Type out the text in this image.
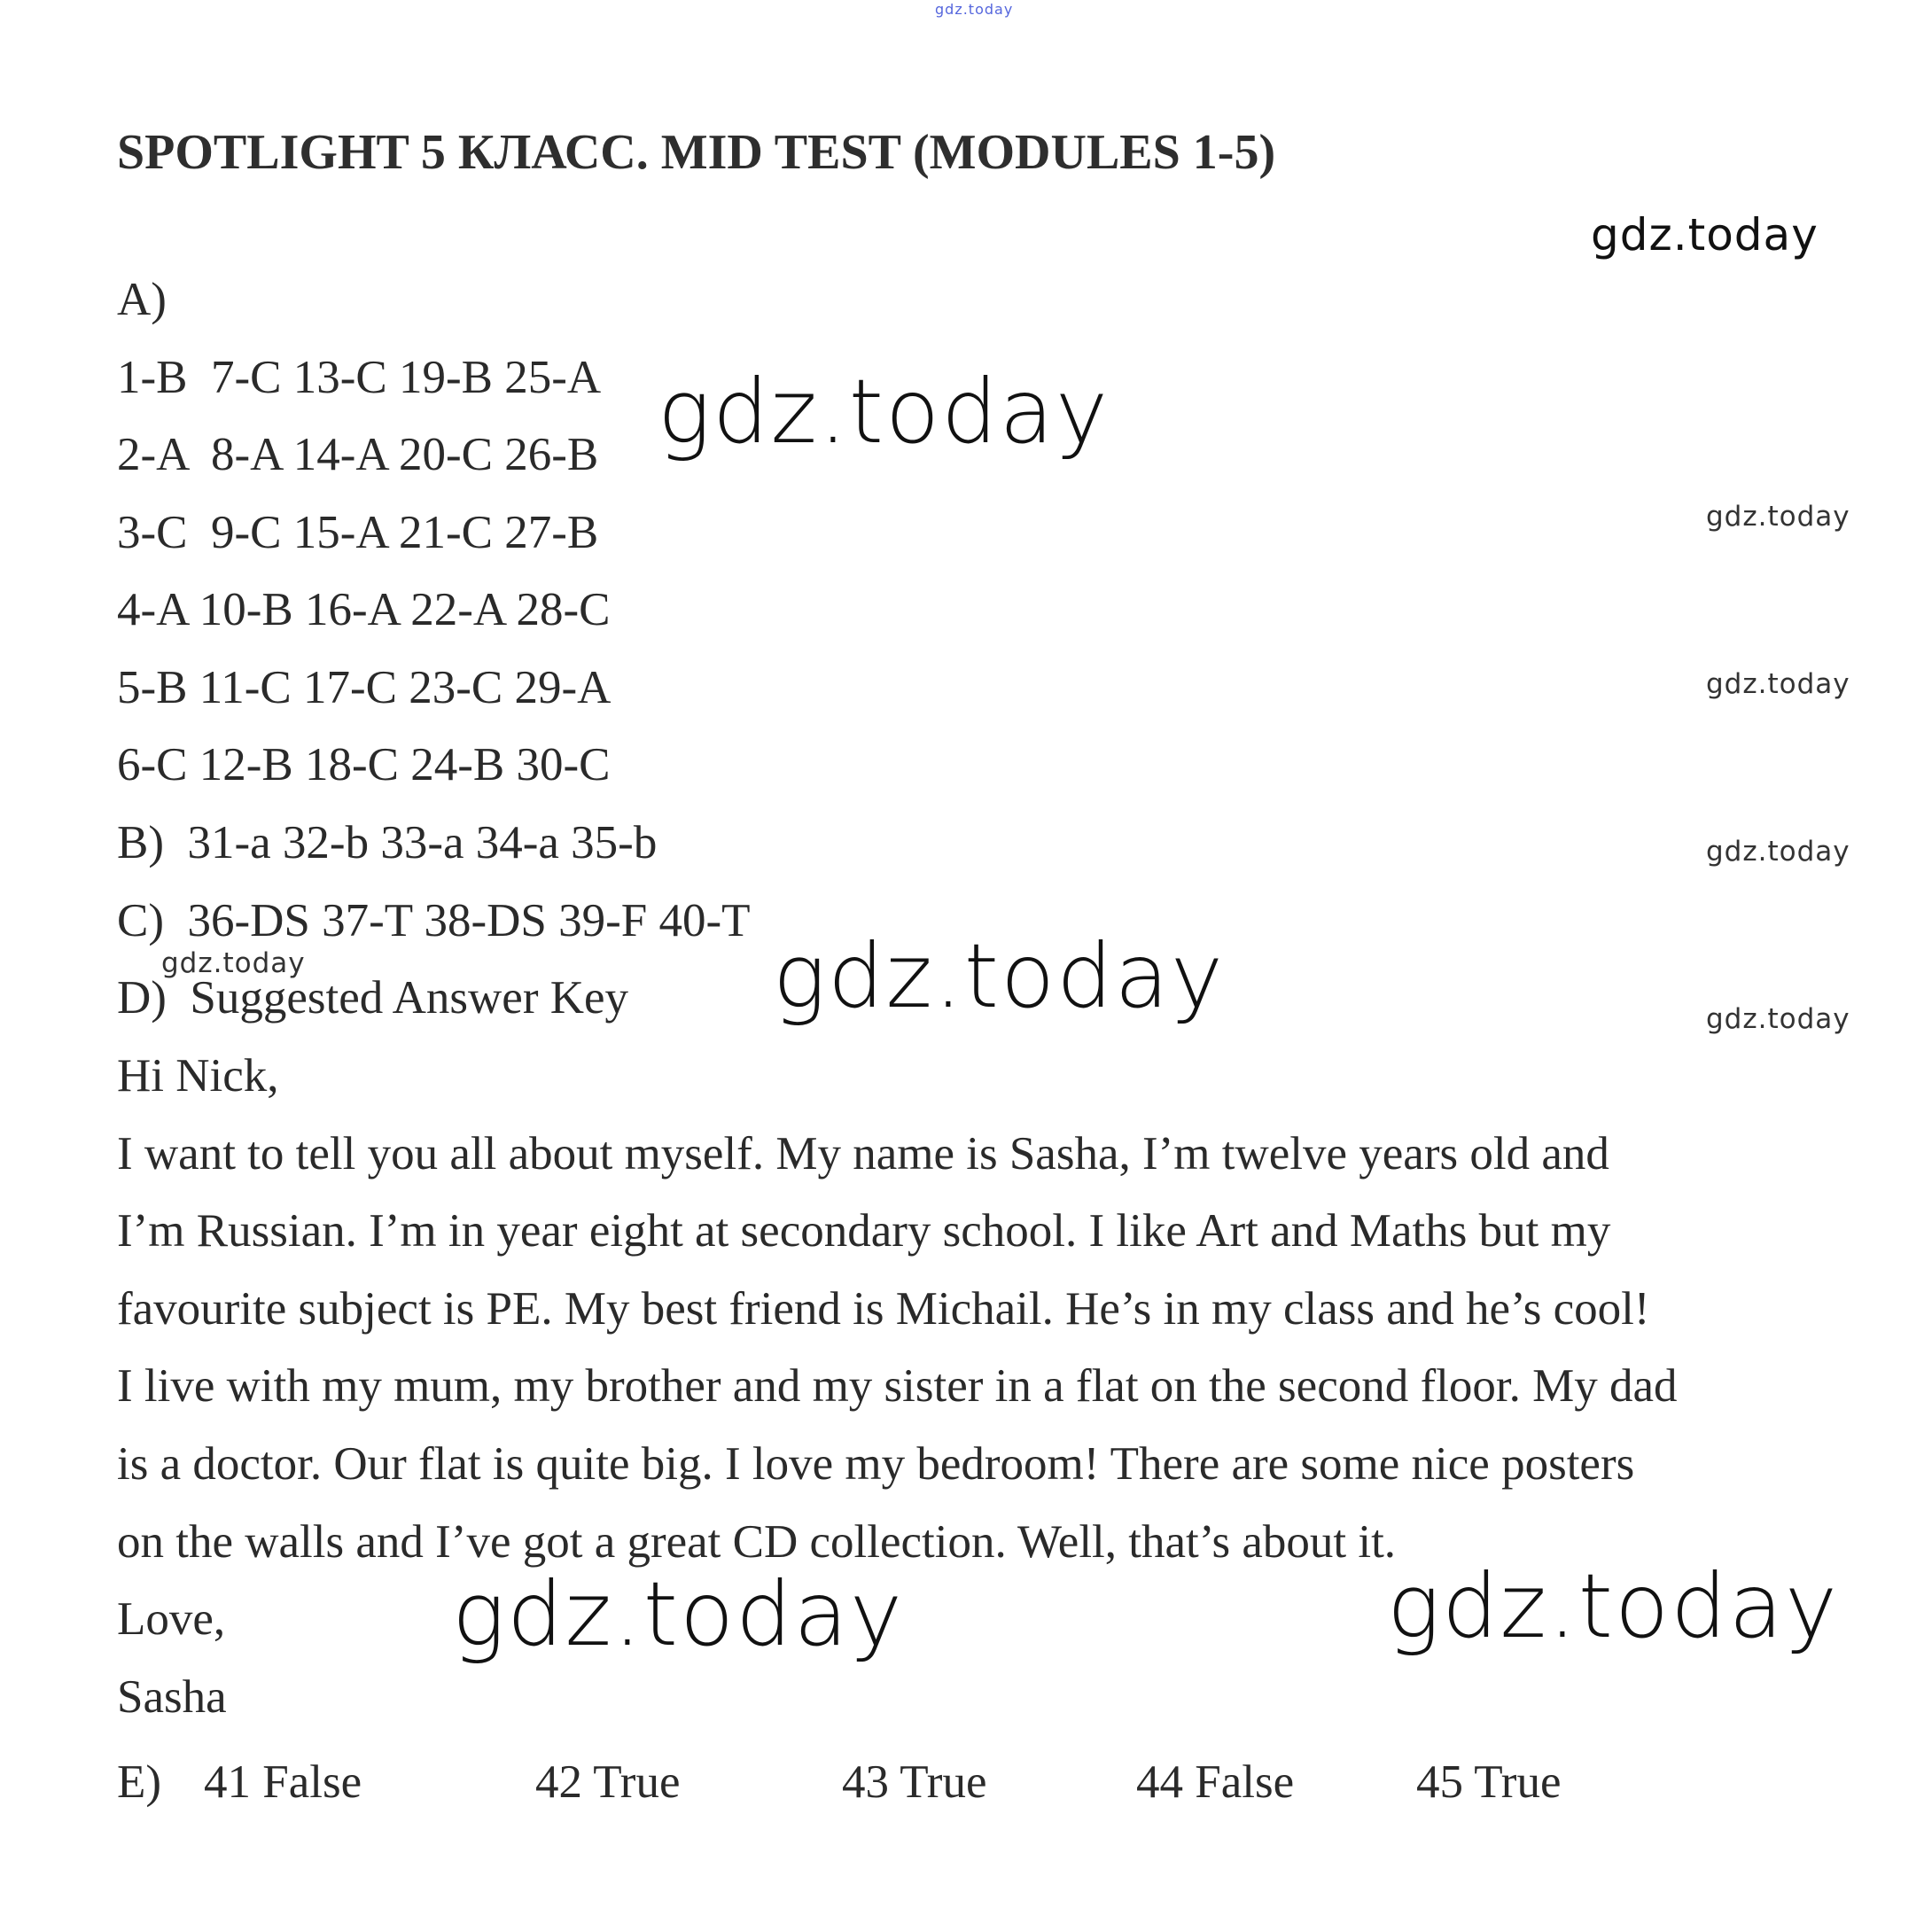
SPOTLIGHT 5 КЛАСС. MID TEST (MODULES 1-5)
A)
1-B  7-C 13-C 19-B 25-A
2-A  8-A 14-A 20-C 26-B
3-C  9-C 15-A 21-C 27-B
4-A 10-B 16-A 22-A 28-C
5-B 11-C 17-C 23-C 29-A
6-C 12-B 18-C 24-B 30-C
B)  31-a 32-b 33-a 34-a 35-b
C)  36-DS 37-T 38-DS 39-F 40-T
D)  Suggested Answer Key
Hi Nick,
I want to tell you all about myself. My name is Sasha, I’m twelve years old and
I’m Russian. I’m in year eight at secondary school. I like Art and Maths but my
favourite subject is PE. My best friend is Michail. He’s in my class and he’s cool!
I live with my mum, my brother and my sister in a flat on the second floor. My dad
is a doctor. Our flat is quite big. I love my bedroom! There are some nice posters
on the walls and I’ve got a great CD collection. Well, that’s about it.
Love,
Sasha
E) 41 False	42 True	43 True	44 False	45 True
gdz.today
gdz.today
gdz.today
gdz.today
gdz.today
gdz.today
gdz.today	gdz.today	gdz.today
gdz.today	gdz.today
